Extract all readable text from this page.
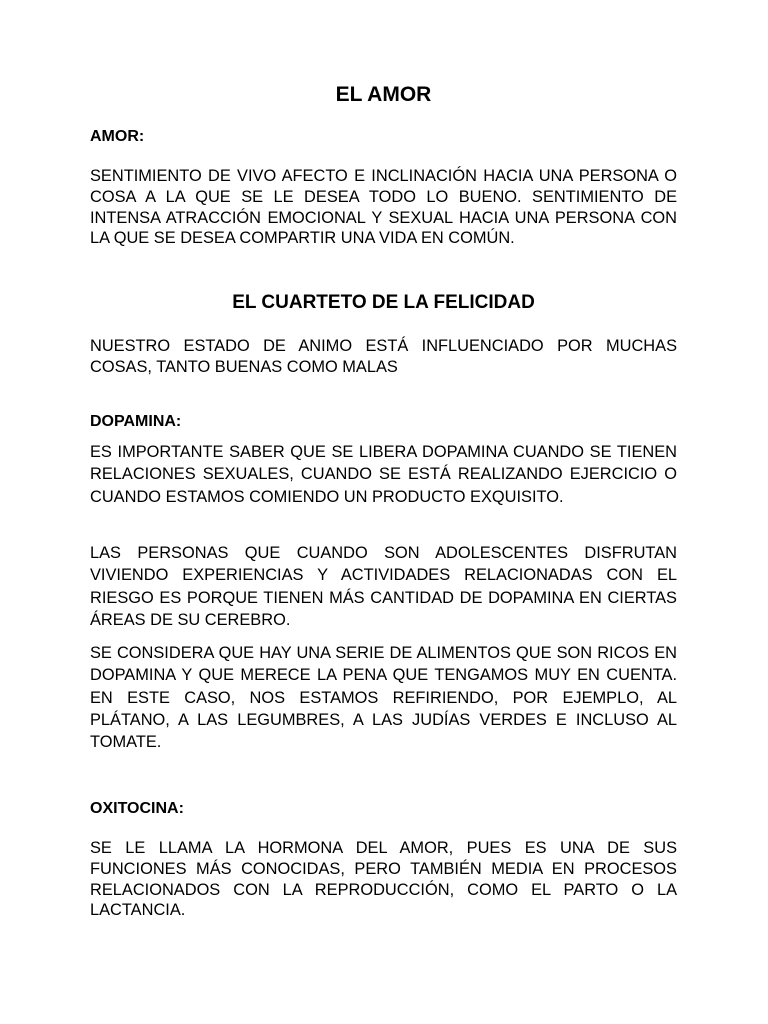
EL AMOR
AMOR:

SENTIMIENTO DE VIVO AFECTO E INCLINACIÓN HACIA UNA PERSONA O COSA A LA QUE SE LE DESEA TODO LO BUENO. SENTIMIENTO DE INTENSA ATRACCIÓN EMOCIONAL Y SEXUAL HACIA UNA PERSONA CON LA QUE SE DESEA COMPARTIR UNA VIDA EN COMÚN.

EL CUARTETO DE LA FELICIDAD

NUESTRO ESTADO DE ANIMO ESTÁ INFLUENCIADO POR MUCHAS COSAS, TANTO BUENAS COMO MALAS

DOPAMINA:

ES IMPORTANTE SABER QUE SE LIBERA DOPAMINA CUANDO SE TIENEN RELACIONES SEXUALES, CUANDO SE ESTÁ REALIZANDO EJERCICIO O CUANDO ESTAMOS COMIENDO UN PRODUCTO EXQUISITO.

LAS PERSONAS QUE CUANDO SON ADOLESCENTES DISFRUTAN VIVIENDO EXPERIENCIAS Y ACTIVIDADES RELACIONADAS CON EL RIESGO ES PORQUE TIENEN MÁS CANTIDAD DE DOPAMINA EN CIERTAS ÁREAS DE SU CEREBRO.

SE CONSIDERA QUE HAY UNA SERIE DE ALIMENTOS QUE SON RICOS EN DOPAMINA Y QUE MERECE LA PENA QUE TENGAMOS MUY EN CUENTA. EN ESTE CASO, NOS ESTAMOS REFIRIENDO, POR EJEMPLO, AL PLÁTANO, A LAS LEGUMBRES, A LAS JUDÍAS VERDES E INCLUSO AL TOMATE.

OXITOCINA:

SE LE LLAMA LA HORMONA DEL AMOR, PUES ES UNA DE SUS FUNCIONES MÁS CONOCIDAS, PERO TAMBIÉN MEDIA EN PROCESOS RELACIONADOS CON LA REPRODUCCIÓN, COMO EL PARTO O LA LACTANCIA.
